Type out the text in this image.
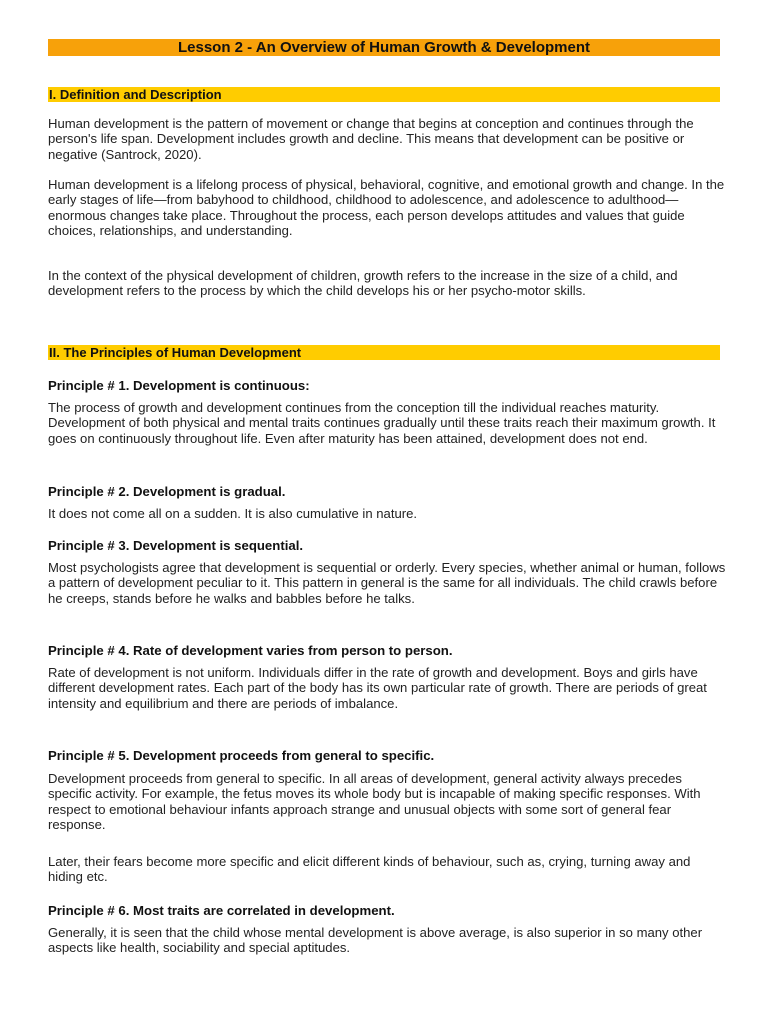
Lesson 2 - An Overview of Human Growth & Development
I. Definition and Description

Human development is the pattern of movement or change that begins at conception and continues through the person's life span. Development includes growth and decline. This means that development can be positive or negative (Santrock, 2020).

Human development is a lifelong process of physical, behavioral, cognitive, and emotional growth and change. In the early stages of life—from babyhood to childhood, childhood to adolescence, and adolescence to adulthood—enormous changes take place. Throughout the process, each person develops attitudes and values that guide choices, relationships, and understanding.

In the context of the physical development of children, growth refers to the increase in the size of a child, and development refers to the process by which the child develops his or her psycho-motor skills.

II. The Principles of Human Development

Principle # 1. Development is continuous:

The process of growth and development continues from the conception till the individual reaches maturity. Development of both physical and mental traits continues gradually until these traits reach their maximum growth. It goes on continuously throughout life. Even after maturity has been attained, development does not end.

Principle # 2. Development is gradual.

It does not come all on a sudden. It is also cumulative in nature.

Principle # 3. Development is sequential.

Most psychologists agree that development is sequential or orderly. Every species, whether animal or human, follows a pattern of development peculiar to it. This pattern in general is the same for all individuals. The child crawls before he creeps, stands before he walks and babbles before he talks.

Principle # 4. Rate of development varies from person to person.

Rate of development is not uniform. Individuals differ in the rate of growth and development. Boys and girls have different development rates. Each part of the body has its own particular rate of growth. There are periods of great intensity and equilibrium and there are periods of imbalance.

Principle # 5. Development proceeds from general to specific.

Development proceeds from general to specific. In all areas of development, general activity always precedes specific activity. For example, the fetus moves its whole body but is incapable of making specific responses. With respect to emotional behaviour infants approach strange and unusual objects with some sort of general fear response.

Later, their fears become more specific and elicit different kinds of behaviour, such as, crying, turning away and hiding etc.

Principle # 6. Most traits are correlated in development.

Generally, it is seen that the child whose mental development is above average, is also superior in so many other aspects like health, sociability and special aptitudes.
